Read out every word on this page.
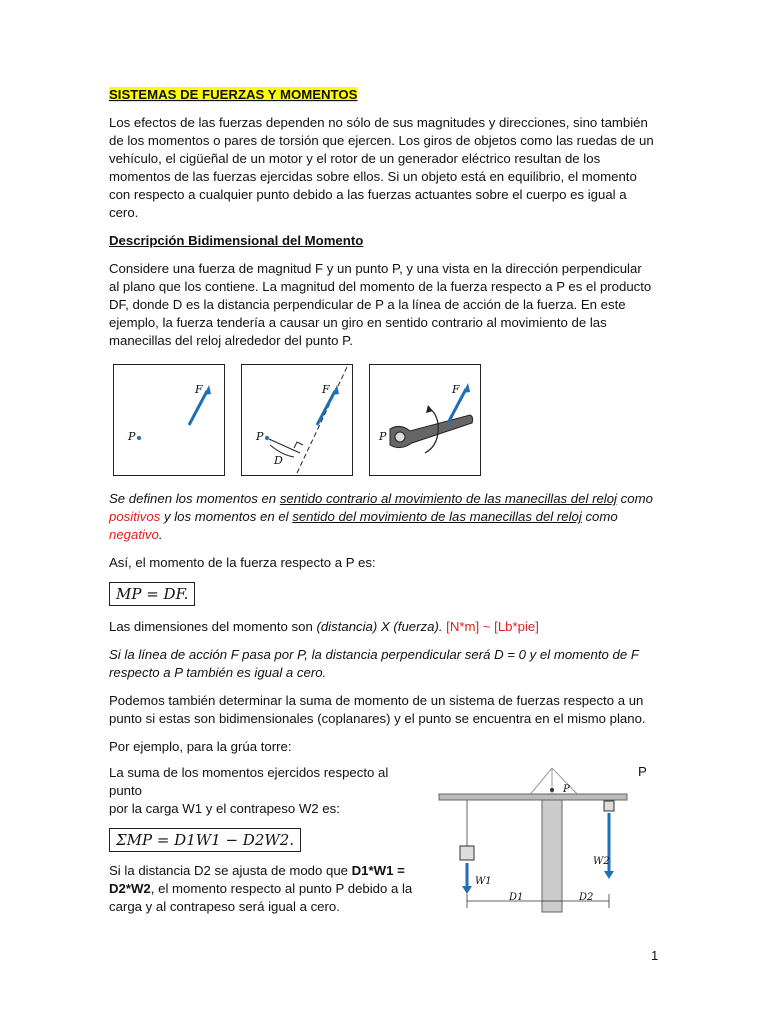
SISTEMAS DE FUERZAS Y MOMENTOS

Los efectos de las fuerzas dependen no sólo de sus magnitudes y direcciones, sino también de los momentos o pares de torsión que ejercen. Los giros de objetos como las ruedas de un vehículo, el cigüeñal de un motor y el rotor de un generador eléctrico resultan de los momentos de las fuerzas ejercidas sobre ellos. Si un objeto está en equilibrio, el momento con respecto a cualquier punto debido a las fuerzas actuantes sobre el cuerpo es igual a cero.

Descripción Bidimensional del Momento

Considere una fuerza de magnitud F y un punto P, y una vista en la dirección perpendicular al plano que los contiene. La magnitud del momento de la fuerza respecto a P es el producto DF, donde D es la distancia perpendicular de P a la línea de acción de la fuerza. En este ejemplo, la fuerza tendería a causar un giro en sentido contrario al movimiento de las manecillas del reloj alrededor del punto P.

P
F
P
F
D
P
F

Se definen los momentos en sentido contrario al movimiento de las manecillas del reloj como positivos y los momentos en el sentido del movimiento de las manecillas del reloj como negativo.

Así, el momento de la fuerza respecto a P es:

MP = DF.

Las dimensiones del momento son (distancia) X (fuerza). [N*m] ~ [Lb*pie]

Si la línea de acción F pasa por P, la distancia perpendicular será D = 0 y el momento de F respecto a P también es igual a cero.

Podemos también determinar la suma de momento de un sistema de fuerzas respecto a un punto si estas son bidimensionales (coplanares) y el punto se encuentra en el mismo plano.

Por ejemplo, para la grúa torre:

La suma de los momentos ejercidos respecto al punto

por la carga W1 y el contrapeso W2 es:

ΣMP = D1W1 − D2W2.

Si la distancia D2 se ajusta de modo que D1*W1 = D2*W2, el momento respecto al punto P debido a la carga y al contrapeso será igual a cero.

P
P
W1
W2
D1	D2
1
